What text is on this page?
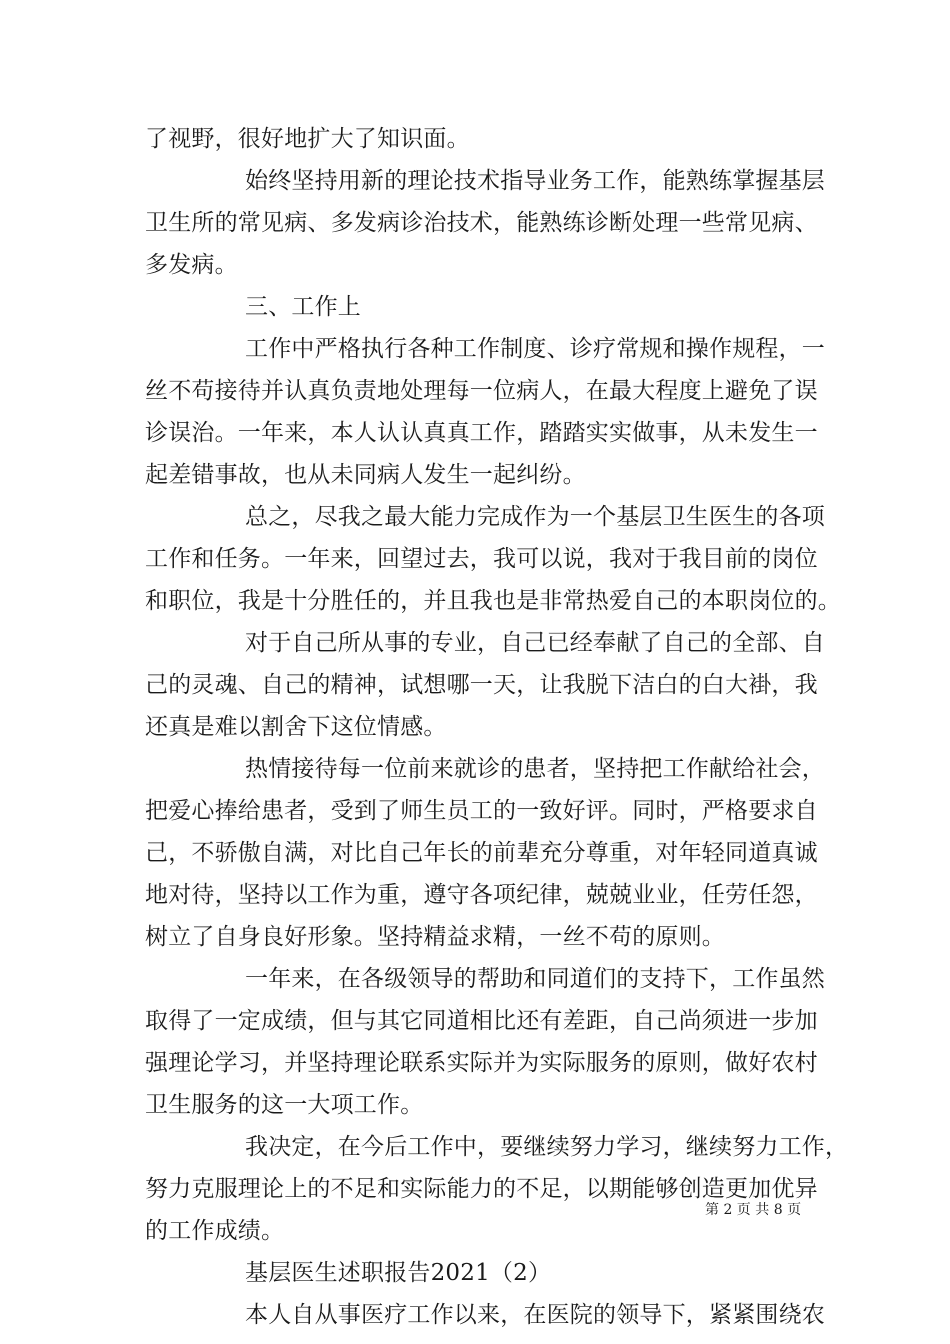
了视野，很好地扩大了知识面。
始终坚持用新的理论技术指导业务工作，能熟练掌握基层
卫生所的常见病、多发病诊治技术，能熟练诊断处理一些常见病、
多发病。
三、工作上
工作中严格执行各种工作制度、诊疗常规和操作规程，一
丝不苟接待并认真负责地处理每一位病人，在最大程度上避免了误
诊误治。一年来，本人认认真真工作，踏踏实实做事，从未发生一
起差错事故，也从未同病人发生一起纠纷。
总之，尽我之最大能力完成作为一个基层卫生医生的各项
工作和任务。一年来，回望过去，我可以说，我对于我目前的岗位
和职位，我是十分胜任的，并且我也是非常热爱自己的本职岗位的。
对于自己所从事的专业，自己已经奉献了自己的全部、自
己的灵魂、自己的精神，试想哪一天，让我脱下洁白的白大褂，我
还真是难以割舍下这位情感。
热情接待每一位前来就诊的患者，坚持把工作献给社会，
把爱心捧给患者，受到了师生员工的一致好评。同时，严格要求自
己，不骄傲自满，对比自己年长的前辈充分尊重，对年轻同道真诚
地对待，坚持以工作为重，遵守各项纪律，兢兢业业，任劳任怨，
树立了自身良好形象。坚持精益求精，一丝不苟的原则。
一年来，在各级领导的帮助和同道们的支持下，工作虽然
取得了一定成绩，但与其它同道相比还有差距，自己尚须进一步加
强理论学习，并坚持理论联系实际并为实际服务的原则，做好农村
卫生服务的这一大项工作。
我决定，在今后工作中，要继续努力学习，继续努力工作，
努力克服理论上的不足和实际能力的不足，以期能够创造更加优异
的工作成绩。
基层医生述职报告2021（2）
本人自从事医疗工作以来，在医院的领导下，紧紧围绕农
第 2 页 共 8 页
